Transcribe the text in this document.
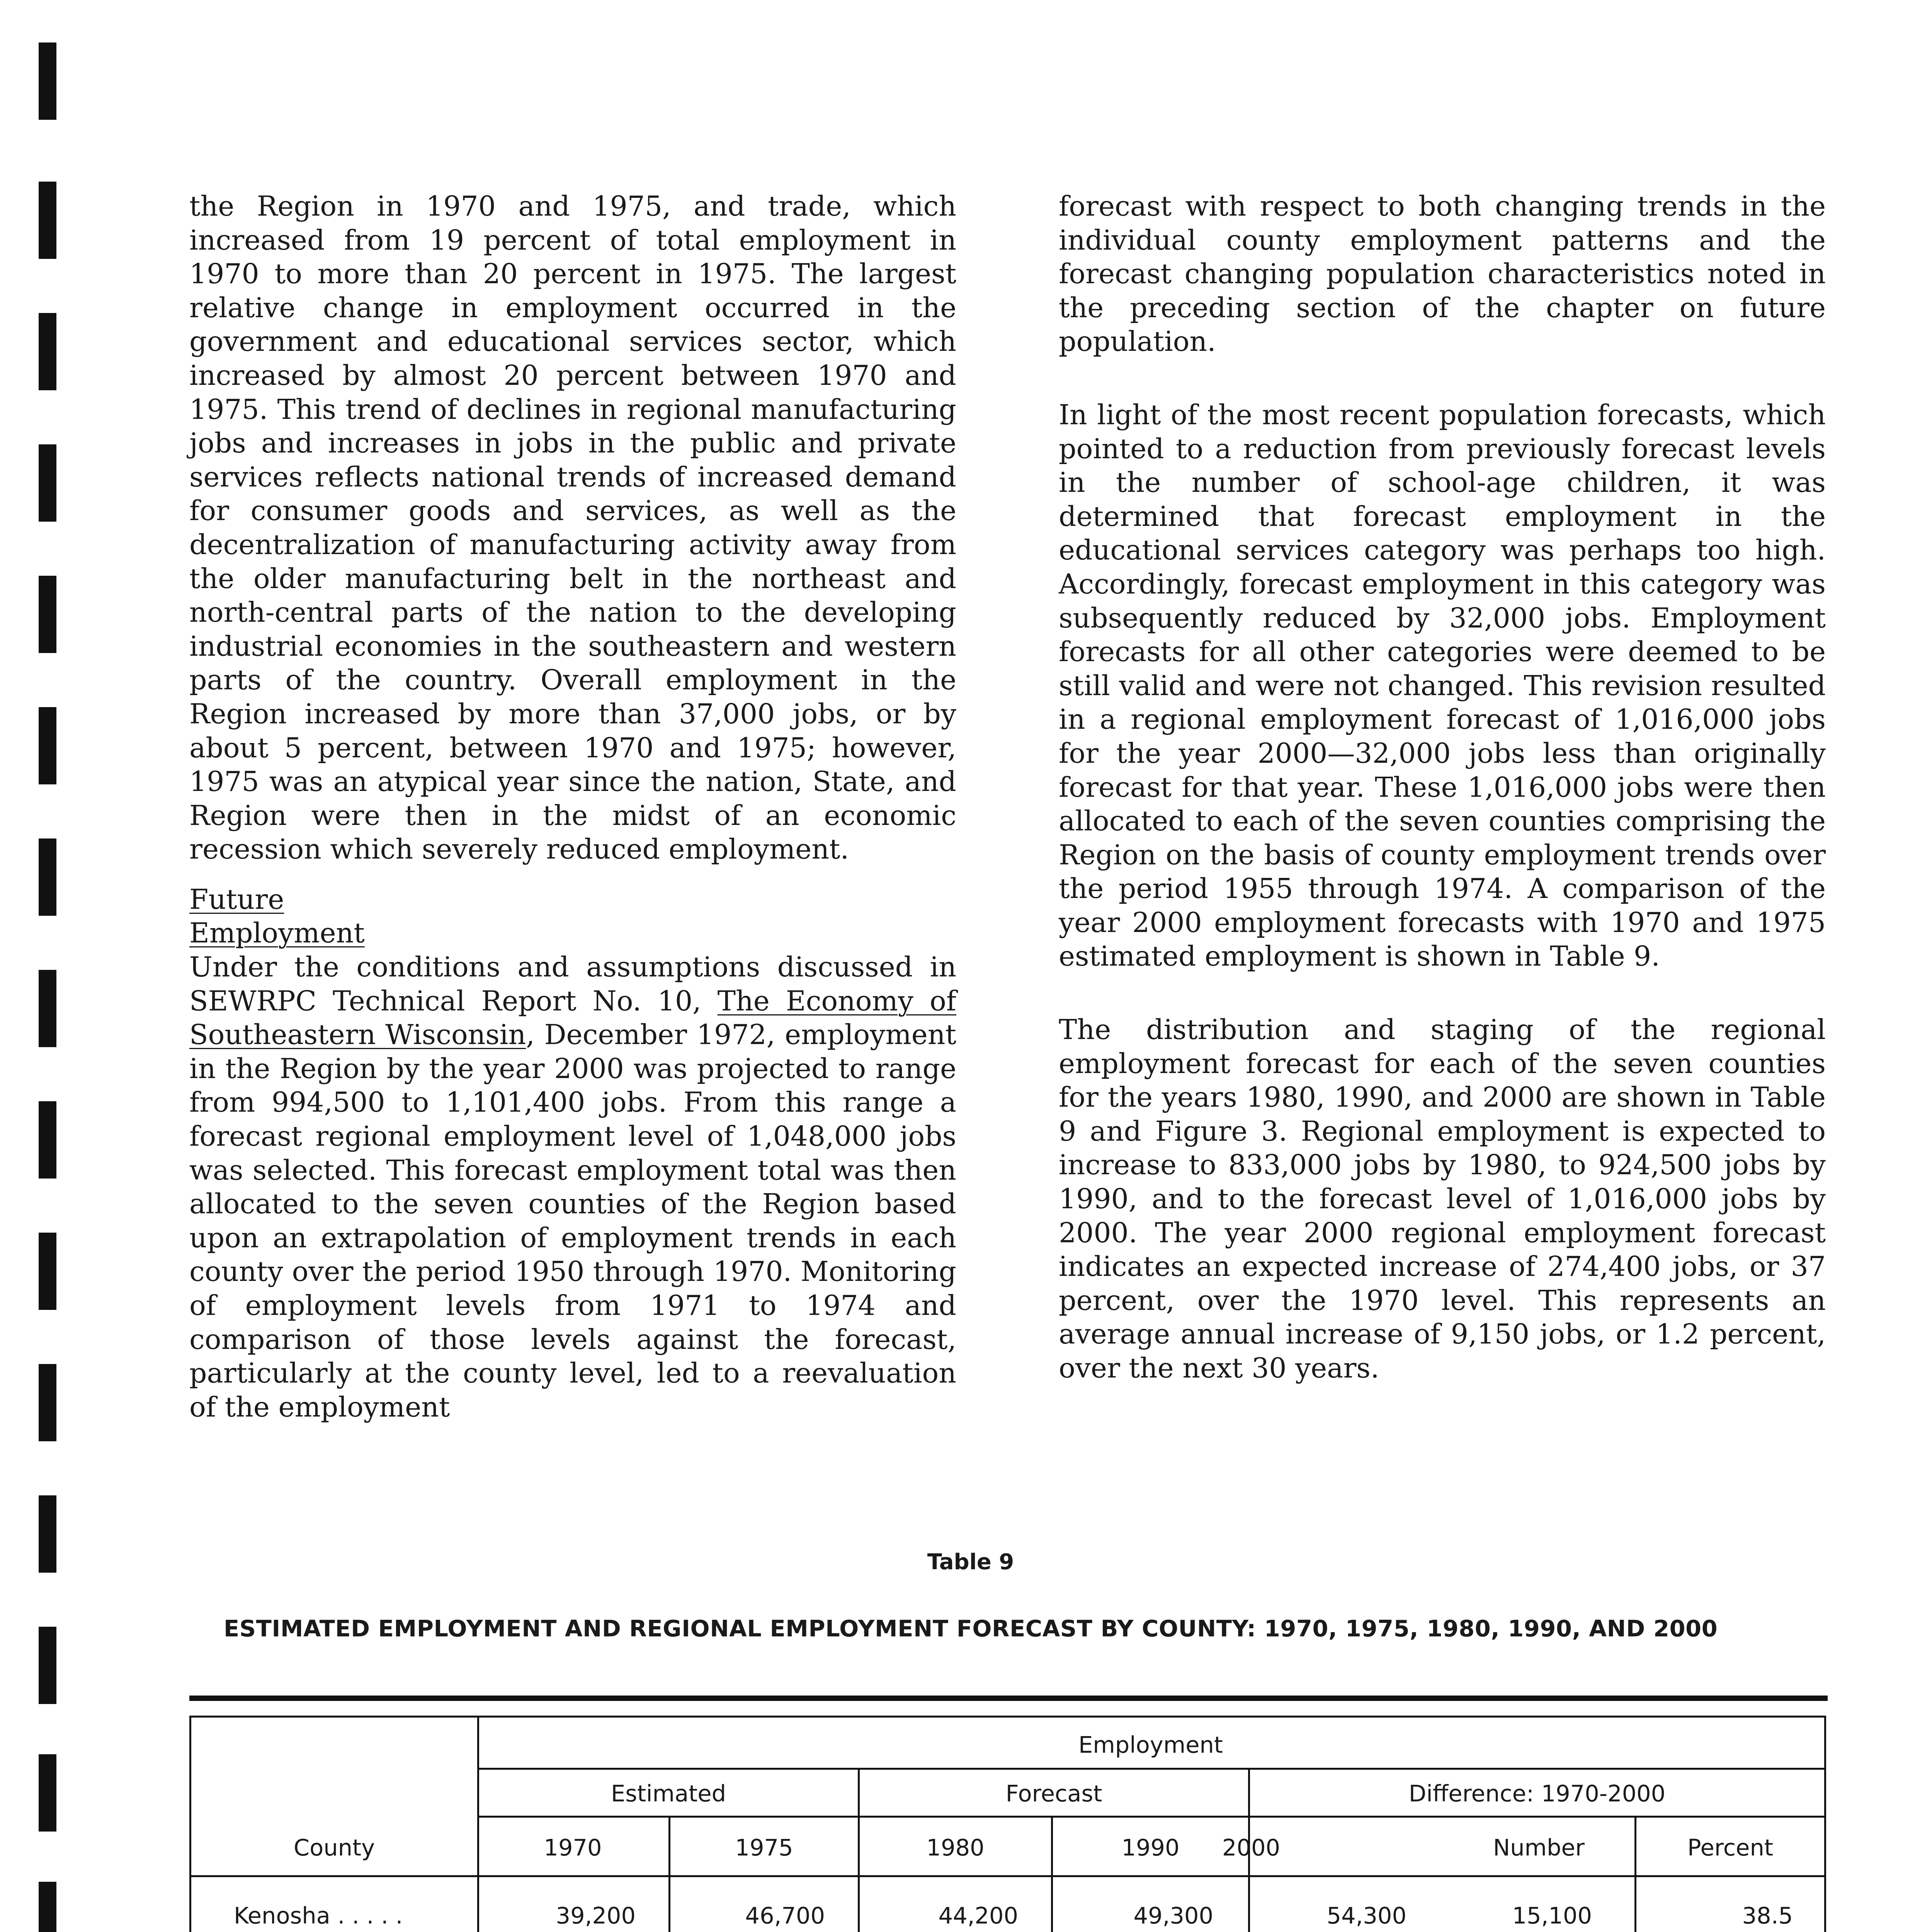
the Region in 1970 and 1975, and trade, which increased from 19 percent of total employment in 1970 to more than 20 percent in 1975. The largest relative change in employment occurred in the government and educational services sector, which increased by almost 20 percent between 1970 and 1975. This trend of declines in regional manufacturing jobs and increases in jobs in the public and private services reflects national trends of increased demand for consumer goods and services, as well as the decentralization of manufacturing activity away from the older manufacturing belt in the northeast and north-central parts of the nation to the developing industrial economies in the southeastern and western parts of the country. Overall employment in the Region increased by more than 37,000 jobs, or by about 5 percent, between 1970 and 1975; however, 1975 was an atypical year since the nation, State, and Region were then in the midst of an economic recession which severely reduced employment.

Future Employment
Under the conditions and assumptions discussed in SEWRPC Technical Report No. 10, The Economy of Southeastern Wisconsin, December 1972, employment in the Region by the year 2000 was projected to range from 994,500 to 1,101,400 jobs. From this range a forecast regional employment level of 1,048,000 jobs was selected. This forecast employment total was then allocated to the seven counties of the Region based upon an extrapolation of employment trends in each county over the period 1950 through 1970. Monitoring of employment levels from 1971 to 1974 and comparison of those levels against the forecast, particularly at the county level, led to a reevaluation of the employment

forecast with respect to both changing trends in the individual county employment patterns and the forecast changing population characteristics noted in the preceding section of the chapter on future population.

In light of the most recent population forecasts, which pointed to a reduction from previously forecast levels in the number of school-age children, it was determined that forecast employment in the educational services category was perhaps too high. Accordingly, forecast employment in this category was subsequently reduced by 32,000 jobs. Employment forecasts for all other categories were deemed to be still valid and were not changed. This revision resulted in a regional employment forecast of 1,016,000 jobs for the year 2000—32,000 jobs less than originally forecast for that year. These 1,016,000 jobs were then allocated to each of the seven counties comprising the Region on the basis of county employment trends over the period 1955 through 1974. A comparison of the year 2000 employment forecasts with 1970 and 1975 estimated employment is shown in Table 9.

The distribution and staging of the regional employment forecast for each of the seven counties for the years 1980, 1990, and 2000 are shown in Table 9 and Figure 3. Regional employment is expected to increase to 833,000 jobs by 1980, to 924,500 jobs by 1990, and to the forecast level of 1,016,000 jobs by 2000. The year 2000 regional employment forecast indicates an expected increase of 274,400 jobs, or 37 percent, over the 1970 level. This represents an average annual increase of 9,150 jobs, or 1.2 percent, over the next 30 years.

Table 9
ESTIMATED EMPLOYMENT AND REGIONAL EMPLOYMENT FORECAST BY COUNTY: 1970, 1975, 1980, 1990, AND 2000
Employment
Estimated	Forecast	Difference: 1970-2000
County	1970	1975	1980	1990	2000	Number	Percent
Kenosha . . . . .	39,200	46,700	44,200	49,300	54,300	15,100	38.5
